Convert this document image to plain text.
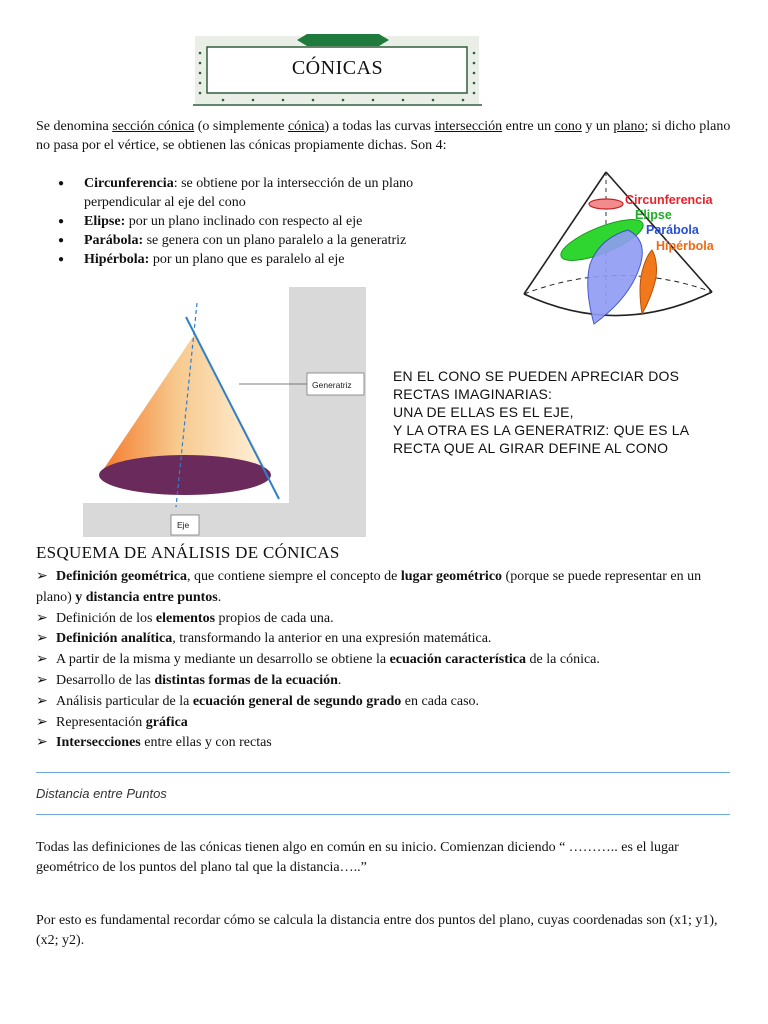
CÓNICAS
Se denomina sección cónica (o simplemente cónica) a todas las curvas intersección entre un cono y un plano; si dicho plano no pasa por el vértice, se obtienen las cónicas propiamente dichas. Son 4:
● Circunferencia: se obtiene por la intersección de un plano perpendicular al eje del cono
● Elipse: por un plano inclinado con respecto al eje
● Parábola: se genera con un plano paralelo a la generatriz
● Hipérbola: por un plano que es paralelo al eje
Circunferencia
Elipse
Parábola
Hipérbola
Generatriz
Eje
EN EL CONO SE PUEDEN APRECIAR DOS
RECTAS IMAGINARIAS:
UNA DE ELLAS ES EL EJE,
Y LA OTRA ES LA GENERATRIZ: QUE ES LA
RECTA QUE AL GIRAR DEFINE AL CONO
ESQUEMA DE ANÁLISIS DE CÓNICAS
➢ Definición geométrica, que contiene siempre el concepto de lugar geométrico (porque se puede representar en un plano) y distancia entre puntos.
➢ Definición de los elementos propios de cada una.
➢ Definición analítica, transformando la anterior en una expresión matemática.
➢ A partir de la misma y mediante un desarrollo se obtiene la ecuación característica de la cónica.
➢ Desarrollo de las distintas formas de la ecuación.
➢ Análisis particular de la ecuación general de segundo grado en cada caso.
➢ Representación gráfica
➢ Intersecciones entre ellas y con rectas
Distancia entre Puntos
Todas las definiciones de las cónicas tienen algo en común en su inicio. Comienzan diciendo “ ……….. es el lugar geométrico de los puntos del plano tal que la distancia…..”
Por esto es fundamental recordar cómo se calcula la distancia entre dos puntos del plano, cuyas coordenadas son (x1; y1), (x2; y2).
